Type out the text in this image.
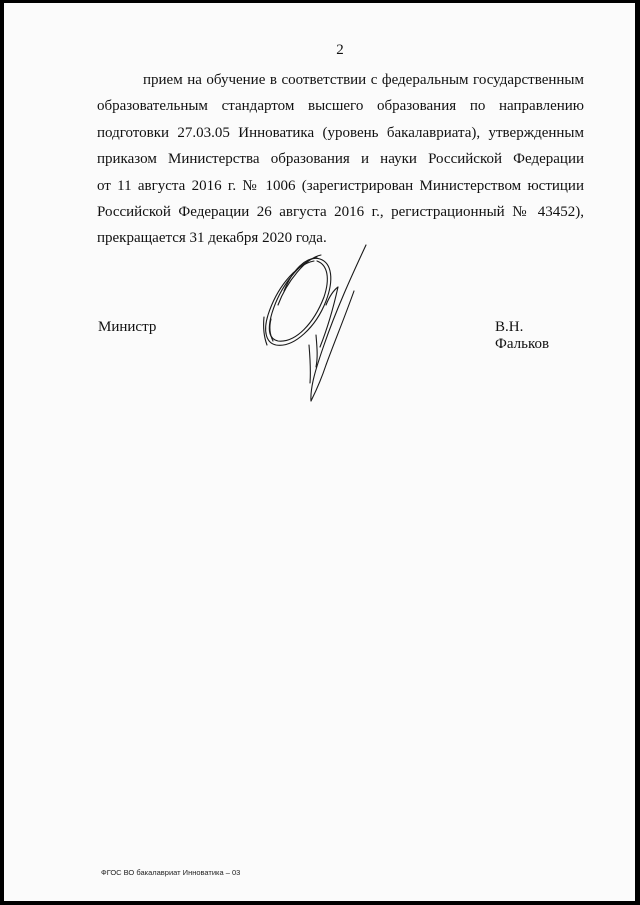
2
прием на обучение в соответствии с федеральным государственным
образовательным стандартом высшего образования по направлению
подготовки 27.03.05 Инноватика (уровень бакалавриата), утвержденным
приказом Министерства образования и науки Российской Федерации
от 11 августа 2016 г. № 1006 (зарегистрирован Министерством юстиции
Российской Федерации 26 августа 2016 г., регистрационный № 43452),
прекращается 31 декабря 2020 года.
Министр	В.Н. Фальков
ФГОС ВО бакалавриат Инноватика – 03
